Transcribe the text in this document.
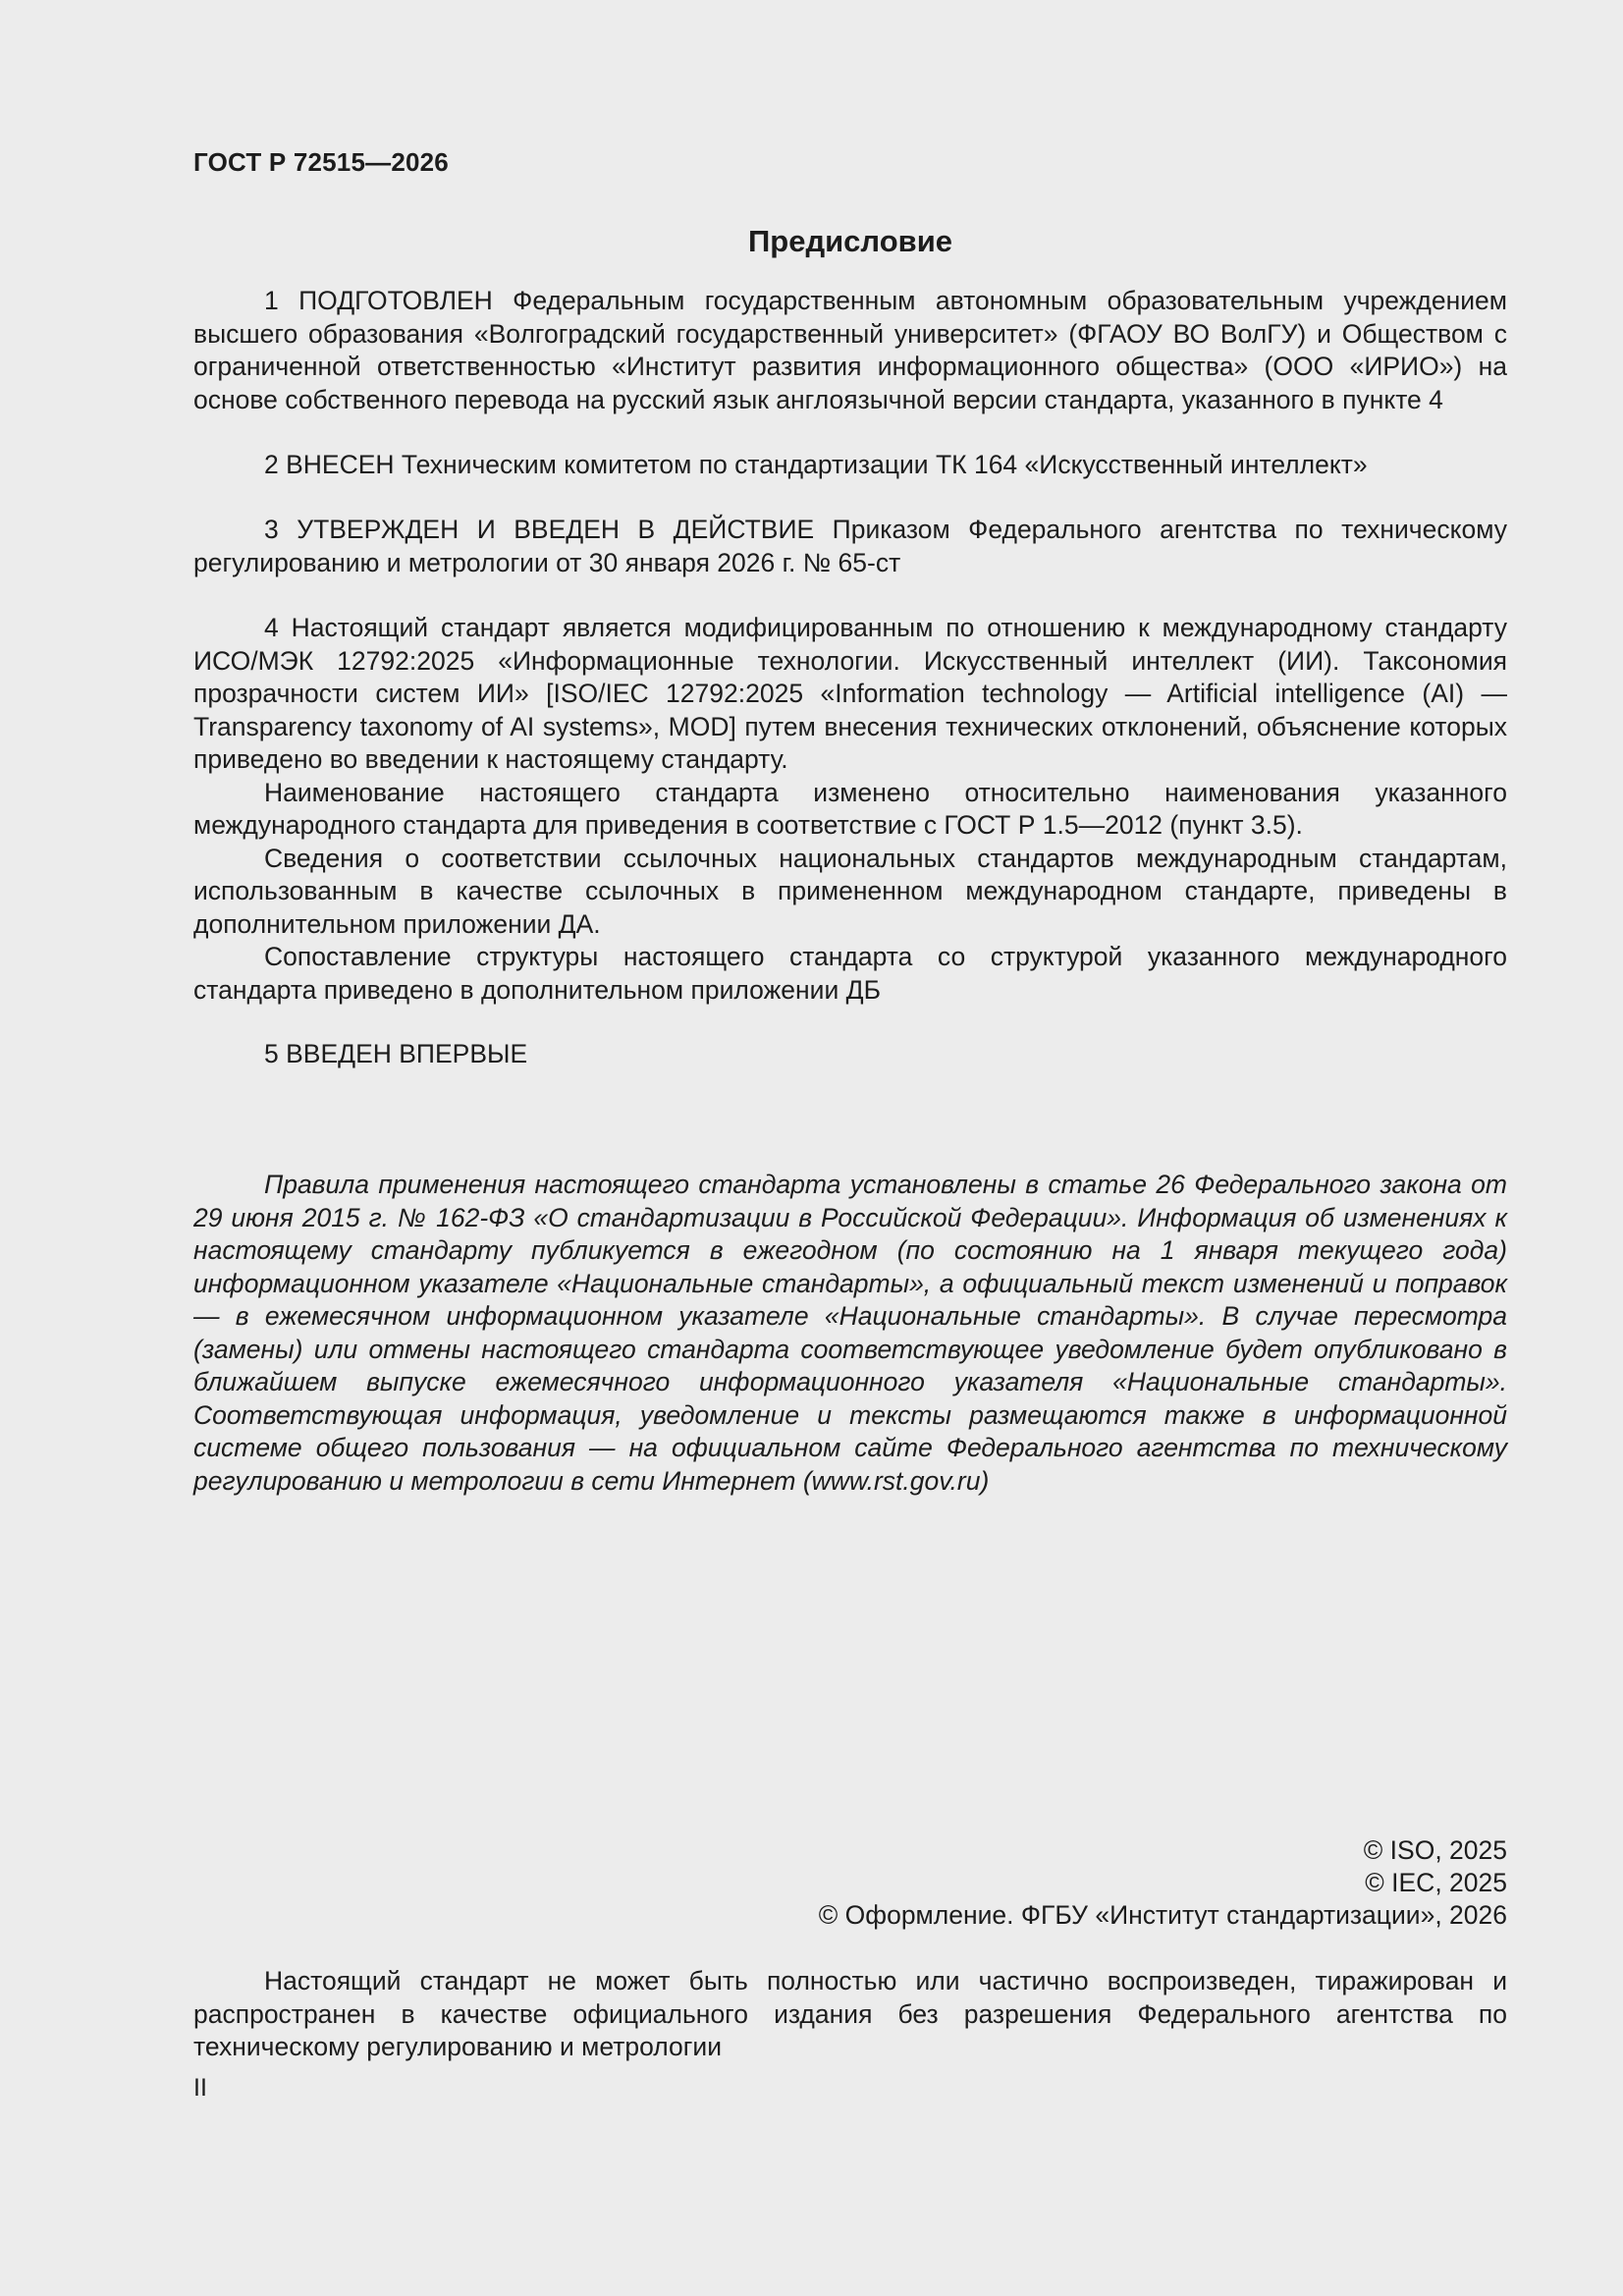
ГОСТ Р 72515—2026
Предисловие

1 ПОДГОТОВЛЕН Федеральным государственным автономным образовательным учреждением высшего образования «Волгоградский государственный университет» (ФГАОУ ВО ВолГУ) и Обществом с ограниченной ответственностью «Институт развития информационного общества» (ООО «ИРИО») на основе собственного перевода на русский язык англоязычной версии стандарта, указанного в пункте 4

2 ВНЕСЕН Техническим комитетом по стандартизации ТК 164 «Искусственный интеллект»

3 УТВЕРЖДЕН И ВВЕДЕН В ДЕЙСТВИЕ Приказом Федерального агентства по техническому регулированию и метрологии от 30 января 2026 г. № 65-ст

4 Настоящий стандарт является модифицированным по отношению к международному стандарту ИСО/МЭК 12792:2025 «Информационные технологии. Искусственный интеллект (ИИ). Таксономия прозрачности систем ИИ» [ISO/IEC 12792:2025 «Information technology — Artificial intelligence (AI) — Transparency taxonomy of AI systems», MOD] путем внесения технических отклонений, объяснение которых приведено во введении к настоящему стандарту.

Наименование настоящего стандарта изменено относительно наименования указанного международного стандарта для приведения в соответствие с ГОСТ Р 1.5—2012 (пункт 3.5).

Сведения о соответствии ссылочных национальных стандартов международным стандартам, использованным в качестве ссылочных в примененном международном стандарте, приведены в дополнительном приложении ДА.

Сопоставление структуры настоящего стандарта со структурой указанного международного стандарта приведено в дополнительном приложении ДБ

5 ВВЕДЕН ВПЕРВЫЕ

Правила применения настоящего стандарта установлены в статье 26 Федерального закона от 29 июня 2015 г. № 162-ФЗ «О стандартизации в Российской Федерации». Информация об изменениях к настоящему стандарту публикуется в ежегодном (по состоянию на 1 января текущего года) информационном указателе «Национальные стандарты», а официальный текст изменений и поправок — в ежемесячном информационном указателе «Национальные стандарты». В случае пересмотра (замены) или отмены настоящего стандарта соответствующее уведомление будет опубликовано в ближайшем выпуске ежемесячного информационного указателя «Национальные стандарты». Соответствующая информация, уведомление и тексты размещаются также в информационной системе общего пользования — на официальном сайте Федерального агентства по техническому регулированию и метрологии в сети Интернет (www.rst.gov.ru)

© ISO, 2025
© IEC, 2025
© Оформление. ФГБУ «Институт стандартизации», 2026

Настоящий стандарт не может быть полностью или частично воспроизведен, тиражирован и распространен в качестве официального издания без разрешения Федерального агентства по техническому регулированию и метрологии

II
